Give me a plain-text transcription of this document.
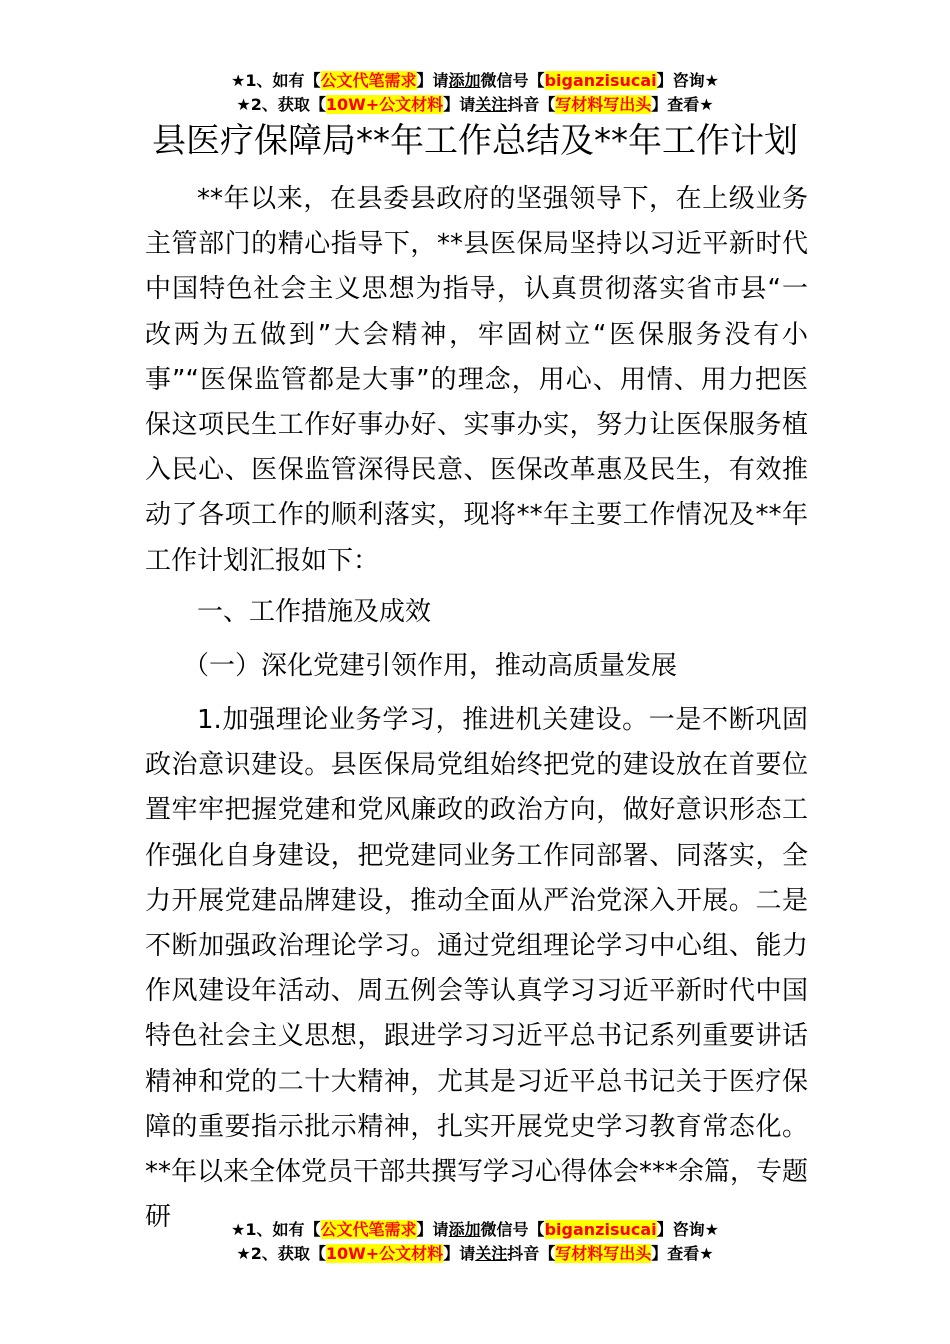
★1、如有【公文代笔需求】请添加微信号【biganzisucai】咨询★
★2、获取【10W+公文材料】请关注抖音【写材料写出头】查看★
县医疗保障局**年工作总结及**年工作计划

**年以来，在县委县政府的坚强领导下，在上级业务主管部门的精心指导下，**县医保局坚持以习近平新时代中国特色社会主义思想为指导，认真贯彻落实省市县“一改两为五做到”大会精神，牢固树立“医保服务没有小事”“医保监管都是大事”的理念，用心、用情、用力把医保这项民生工作好事办好、实事办实，努力让医保服务植入民心、医保监管深得民意、医保改革惠及民生，有效推动了各项工作的顺利落实，现将**年主要工作情况及**年工作计划汇报如下：

一、工作措施及成效
（一）深化党建引领作用，推动高质量发展

1.加强理论业务学习，推进机关建设。一是不断巩固政治意识建设。县医保局党组始终把党的建设放在首要位置牢牢把握党建和党风廉政的政治方向，做好意识形态工作强化自身建设，把党建同业务工作同部署、同落实，全力开展党建品牌建设，推动全面从严治党深入开展。二是不断加强政治理论学习。通过党组理论学习中心组、能力作风建设年活动、周五例会等认真学习习近平新时代中国特色社会主义思想，跟进学习习近平总书记系列重要讲话精神和党的二十大精神，尤其是习近平总书记关于医疗保障的重要指示批示精神，扎实开展党史学习教育常态化。**年以来全体党员干部共撰写学习心得体会***余篇，专题研	★1、如有【公文代笔需求】请添加微信号【biganzisucai】咨询★
★2、获取【10W+公文材料】请关注抖音【写材料写出头】查看★
